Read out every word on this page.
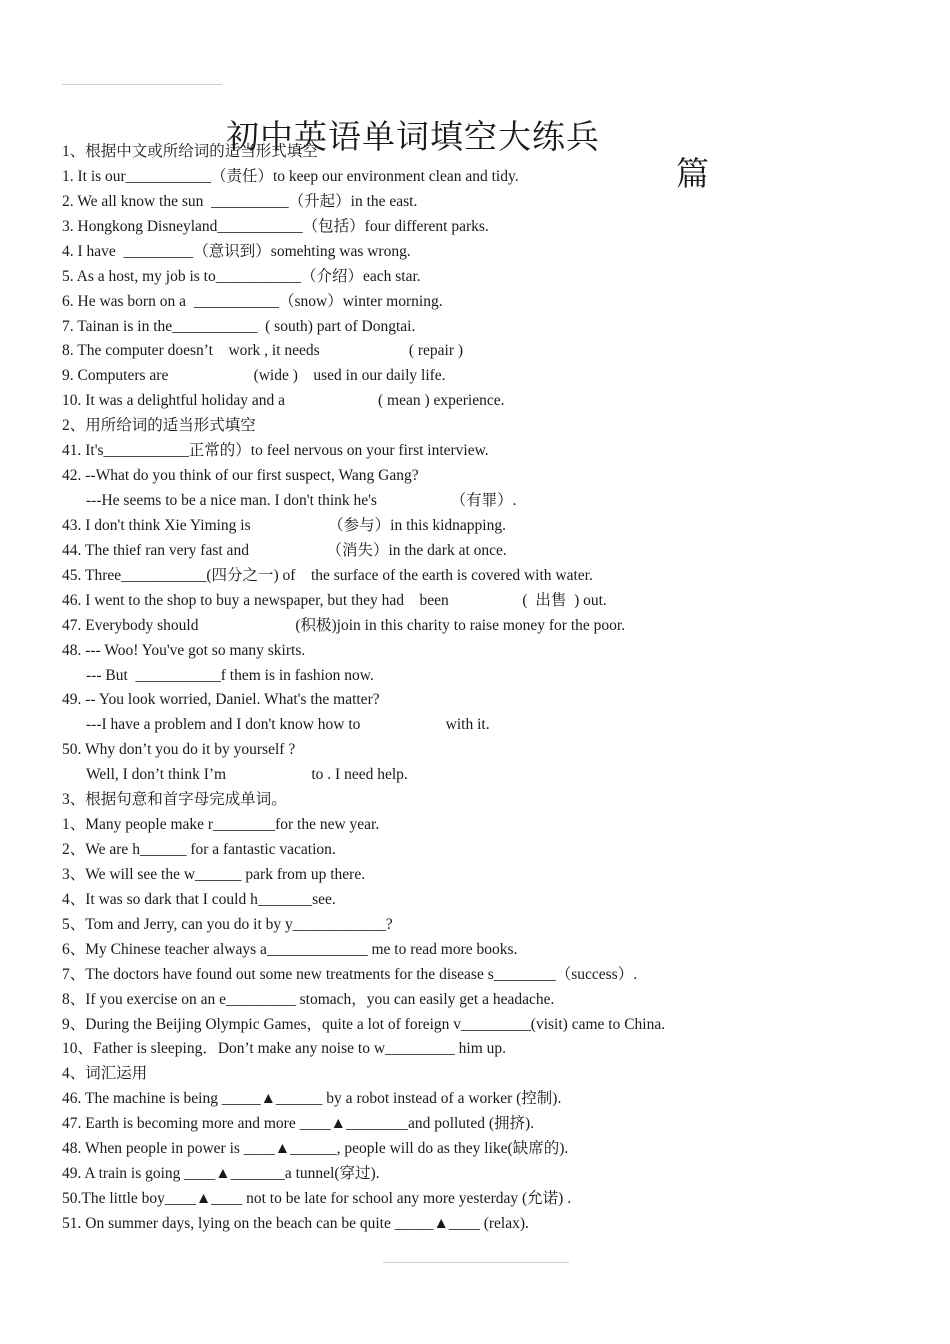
初中英语单词填空大练兵

篇

1、根据中文或所给词的适当形式填空
1. It is our___________（责任）to keep our environment clean and tidy.
2. We all know the sun  __________（升起）in the east.
3. Hongkong Disneyland___________（包括）four different parks.
4. I have  _________（意识到）somehting was wrong.
5. As a host, my job is to___________（介绍）each star.
6. He was born on a  ___________（snow）winter morning.
7. Tainan is in the___________  ( south) part of Dongtai.
8. The computer doesn’t    work , it needs                       ( repair )
9. Computers are                      (wide )    used in our daily life.
10. It was a delightful holiday and a                        ( mean ) experience.
2、用所给词的适当形式填空
41. It's___________正常的）to feel nervous on your first interview.
42. --What do you think of our first suspect, Wang Gang?
---He seems to be a nice man. I don't think he's                   （有罪）.
43. I don't think Xie Yiming is                    （参与）in this kidnapping.
44. The thief ran very fast and                    （消失）in the dark at once.
45. Three___________(四分之一) of    the surface of the earth is covered with water.
46. I went to the shop to buy a newspaper, but they had    been                   (  出售  ) out.
47. Everybody should                         (积极)join in this charity to raise money for the poor.
48. --- Woo! You've got so many skirts.
--- But  ___________f them is in fashion now.
49. -- You look worried, Daniel. What's the matter?
---I have a problem and I don't know how to                      with it.
50. Why don’t you do it by yourself ?
Well, I don’t think I’m                      to . I need help.
3、根据句意和首字母完成单词。
1、Many people make r________for the new year.
2、We are h______ for a fantastic vacation.
3、We will see the w______ park from up there.
4、It was so dark that I could h_______see.
5、Tom and Jerry, can you do it by y____________?
6、My Chinese teacher always a_____________ me to read more books.
7、The doctors have found out some new treatments for the disease s________（success）.
8、If you exercise on an e_________ stomach，you can easily get a headache.
9、During the Beijing Olympic Games，quite a lot of foreign v_________(visit) came to China.
10、Father is sleeping．Don’t make any noise to w_________ him up.
4、词汇运用
46. The machine is being _____▲______ by a robot instead of a worker (控制).
47. Earth is becoming more and more ____▲________and polluted (拥挤).
48. When people in power is ____▲______, people will do as they like(缺席的).
49. A train is going ____▲_______a tunnel(穿过).
50.The little boy____▲____ not to be late for school any more yesterday (允诺) .
51. On summer days, lying on the beach can be quite _____▲____ (relax).
